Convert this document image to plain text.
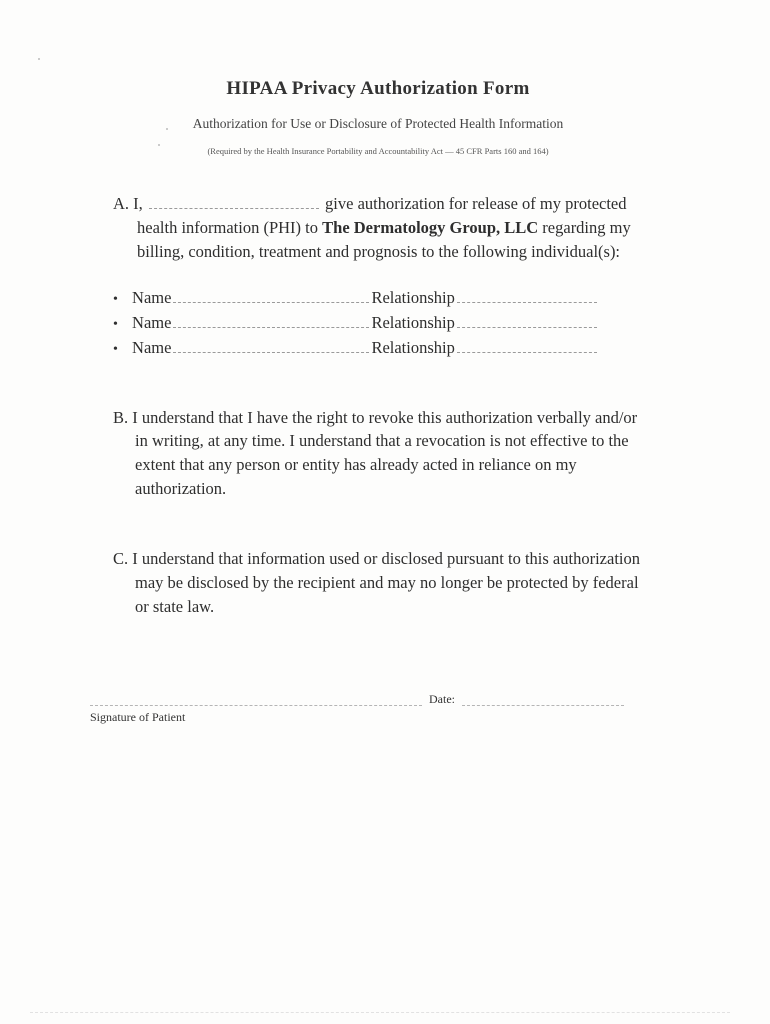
HIPAA Privacy Authorization Form
Authorization for Use or Disclosure of Protected Health Information
(Required by the Health Insurance Portability and Accountability Act — 45 CFR Parts 160 and 164)
A. I,	give authorization for release of my protected
health information (PHI) to The Dermatology Group, LLC regarding my
billing, condition, treatment and prognosis to the following individual(s):
• Name	Relationship
• Name	Relationship
• Name	Relationship
B. I understand that I have the right to revoke this authorization verbally and/or
in writing, at any time. I understand that a revocation is not effective to the
extent that any person or entity has already acted in reliance on my
authorization.
C. I understand that information used or disclosed pursuant to this authorization
may be disclosed by the recipient and may no longer be protected by federal
or state law.
Date:
Signature of Patient
